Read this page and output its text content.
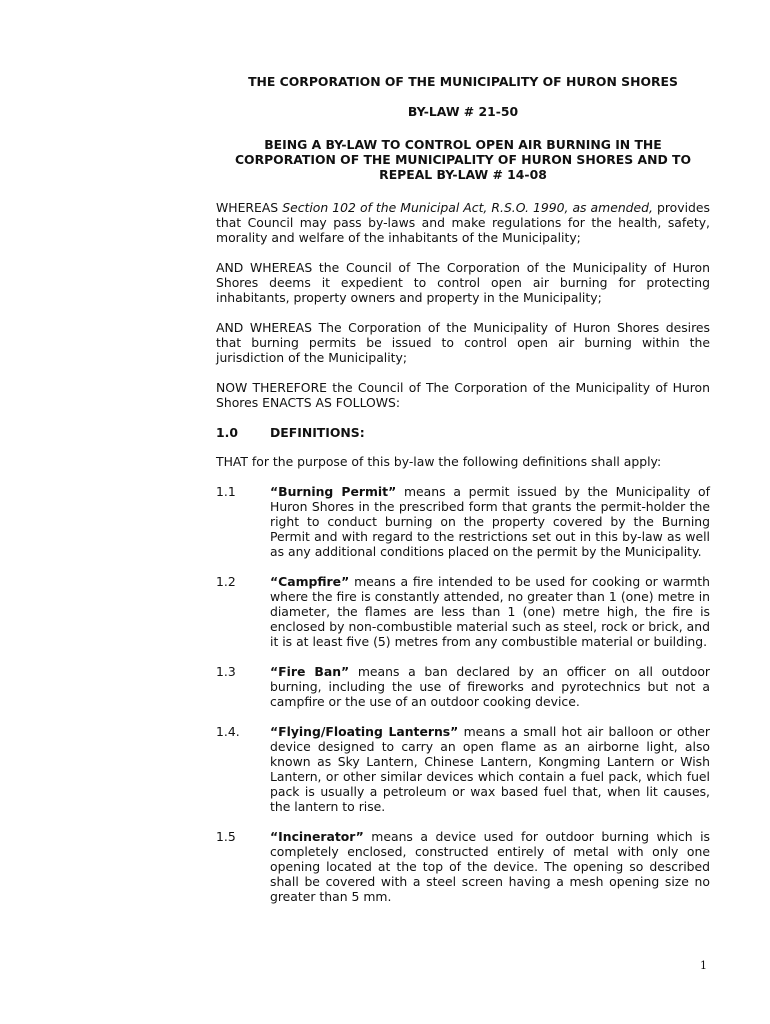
THE CORPORATION OF THE MUNICIPALITY OF HURON SHORES
BY-LAW # 21-50
BEING A BY-LAW TO CONTROL OPEN AIR BURNING IN THE
CORPORATION OF THE MUNICIPALITY OF HURON SHORES AND TO
REPEAL BY-LAW # 14-08

WHEREAS Section 102 of the Municipal Act, R.S.O. 1990, as amended, provides that Council may pass by-laws and make regulations for the health, safety, morality and welfare of the inhabitants of the Municipality;

AND WHEREAS the Council of The Corporation of the Municipality of Huron Shores deems it expedient to control open air burning for protecting inhabitants, property owners and property in the Municipality;

AND WHEREAS The Corporation of the Municipality of Huron Shores desires that burning permits be issued to control open air burning within the jurisdiction of the Municipality;

NOW THEREFORE the Council of The Corporation of the Municipality of Huron Shores ENACTS AS FOLLOWS:

1.0	DEFINITIONS:

THAT for the purpose of this by-law the following definitions shall apply:

1.1	“Burning Permit” means a permit issued by the Municipality of Huron Shores in the prescribed form that grants the permit-holder the right to conduct burning on the property covered by the Burning Permit and with regard to the restrictions set out in this by-law as well as any additional conditions placed on the permit by the Municipality.
1.2	“Campfire” means a fire intended to be used for cooking or warmth where the fire is constantly attended, no greater than 1 (one) metre in diameter, the flames are less than 1 (one) metre high, the fire is enclosed by non-combustible material such as steel, rock or brick, and it is at least five (5) metres from any combustible material or building.
1.3	“Fire Ban” means a ban declared by an officer on all outdoor burning, including the use of fireworks and pyrotechnics but not a campfire or the use of an outdoor cooking device.
1.4.	“Flying/Floating Lanterns” means a small hot air balloon or other device designed to carry an open flame as an airborne light, also known as Sky Lantern, Chinese Lantern, Kongming Lantern or Wish Lantern, or other similar devices which contain a fuel pack, which fuel pack is usually a petroleum or wax based fuel that, when lit causes, the lantern to rise.
1.5	“Incinerator” means a device used for outdoor burning which is completely enclosed, constructed entirely of metal with only one opening located at the top of the device. The opening so described shall be covered with a steel screen having a mesh opening size no greater than 5 mm.
1
